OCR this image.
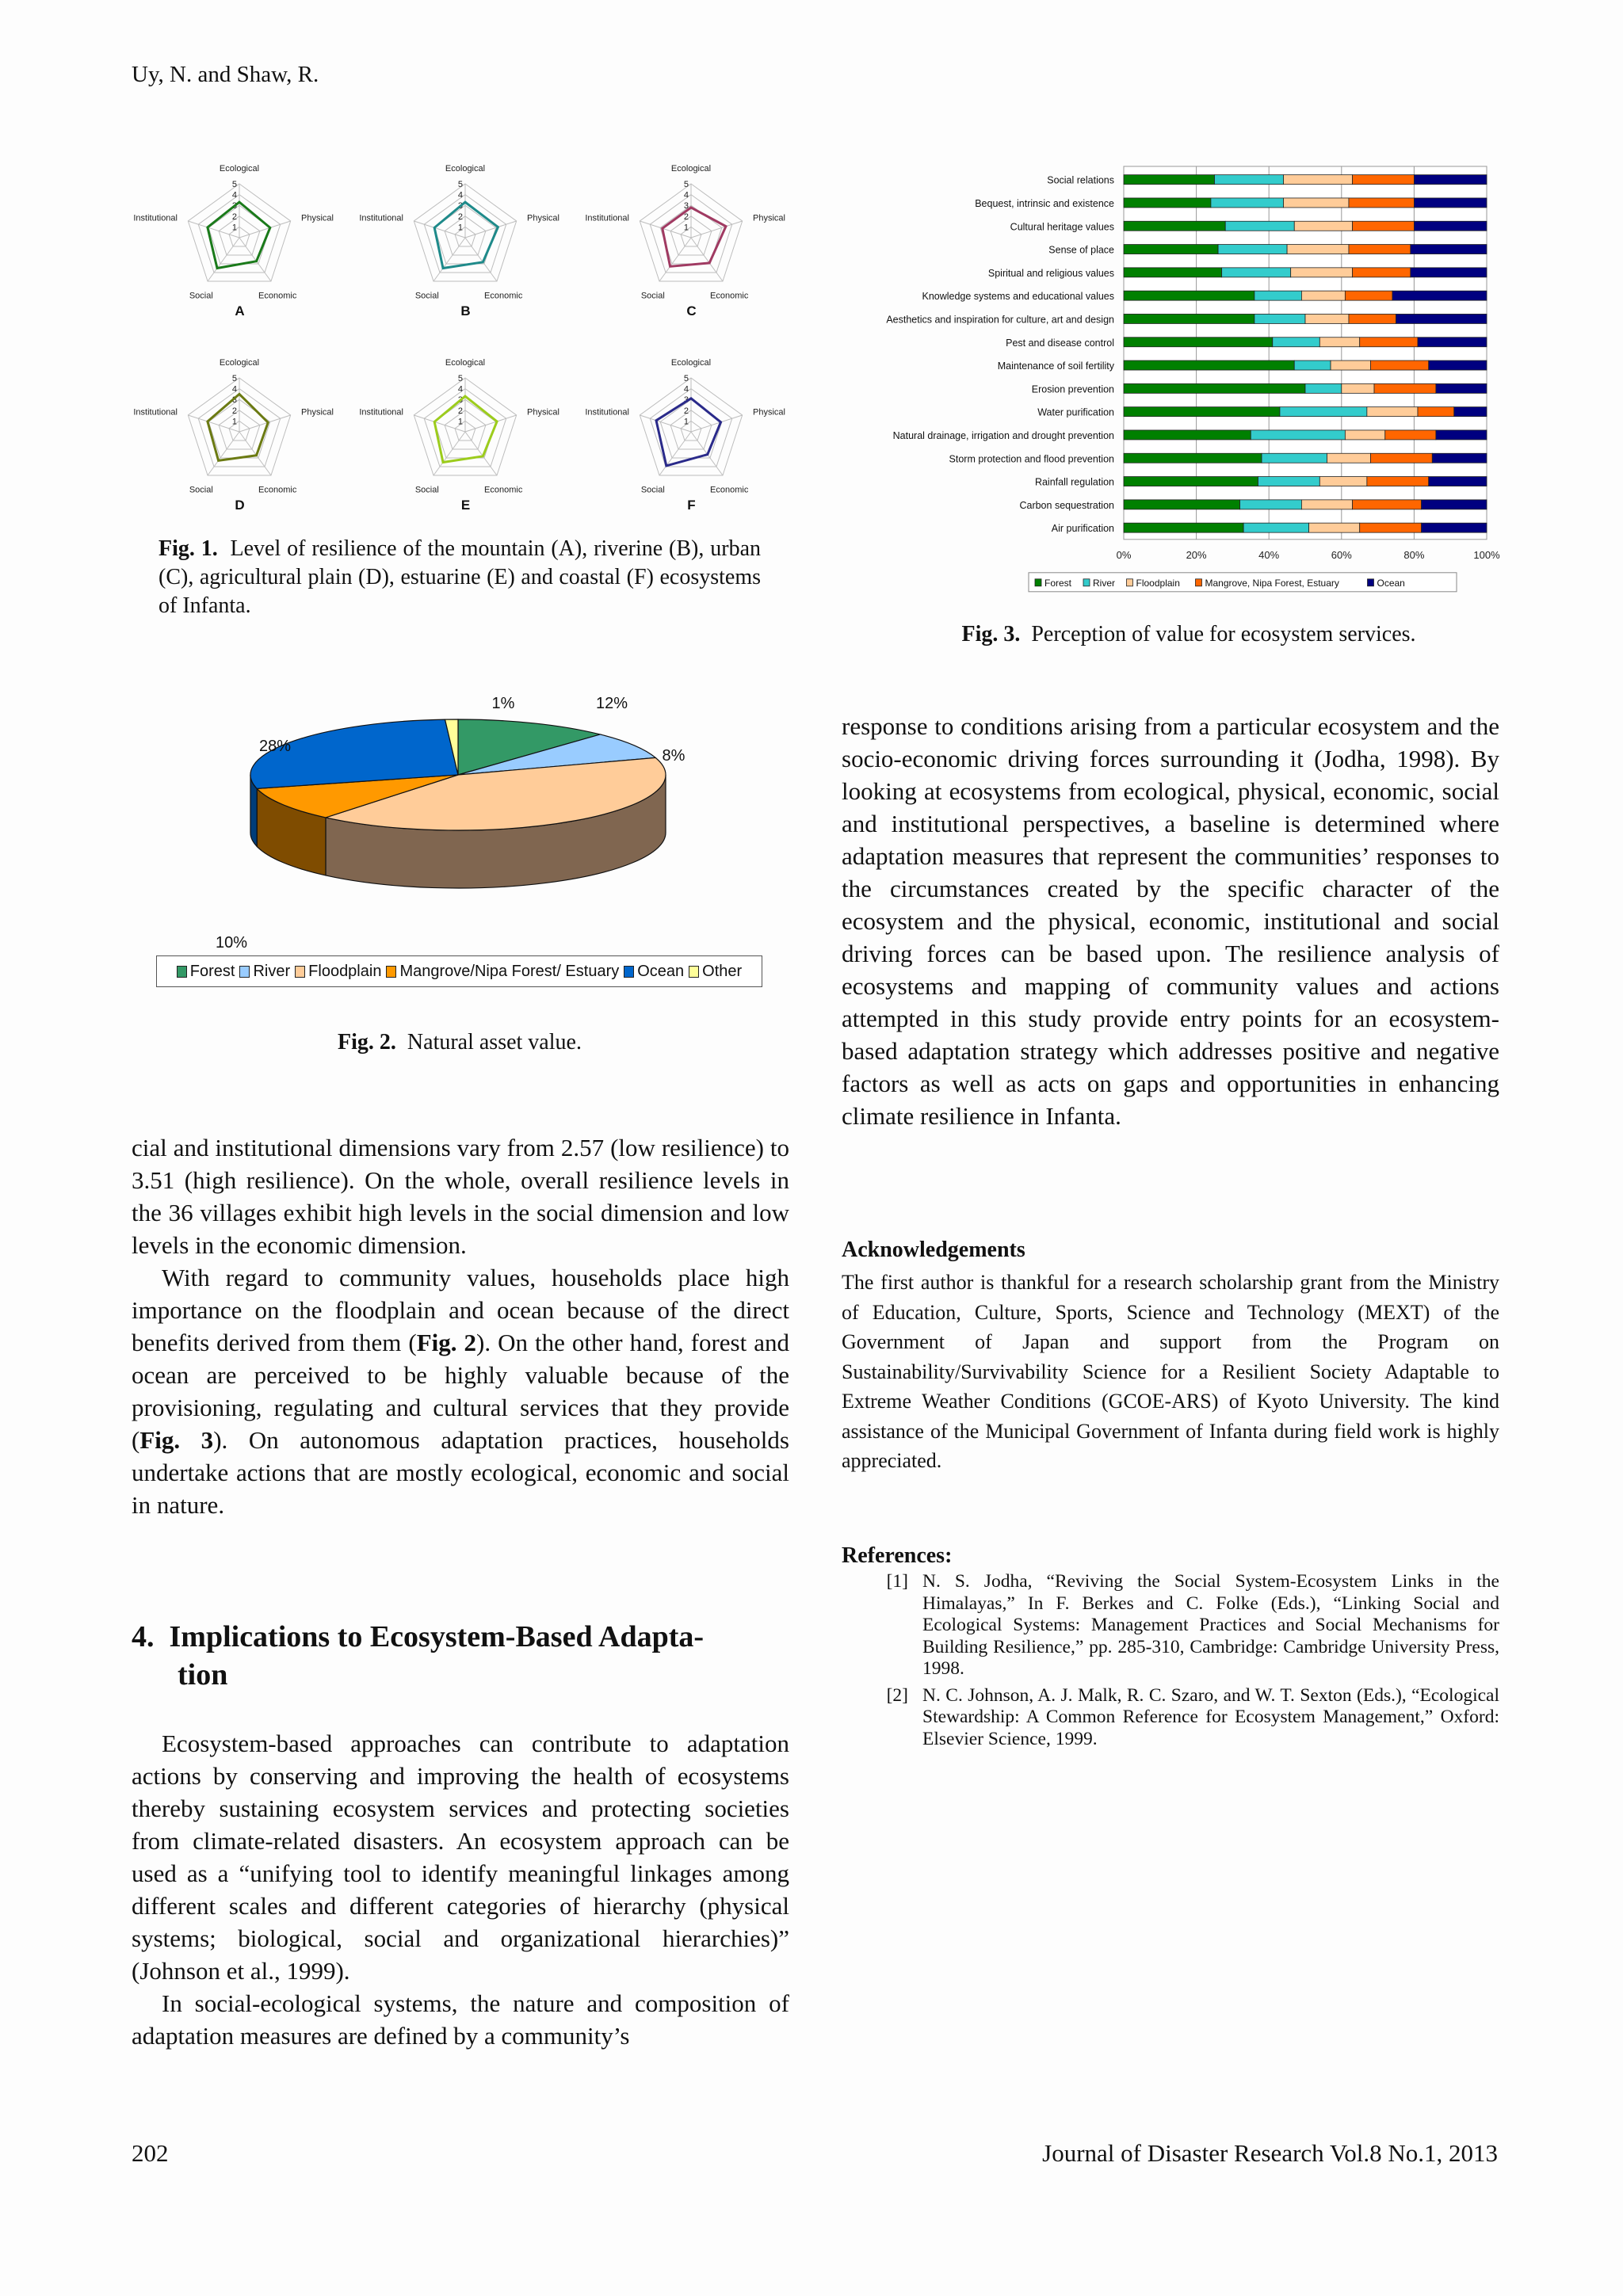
Uy, N. and Shaw, R.
Ecological
Physical
Economic
Social
Institutional
1
2
3
4
5
A
Ecological
Physical
Economic
Social
Institutional
1
2
3
4
5
B
Ecological
Physical
Economic
Social
Institutional
1
2
3
4
5
C
Ecological
Physical
Economic
Social
Institutional
1
2
3
4
5
D
Ecological
Physical
Economic
Social
Institutional
1
2
3
4
5
E
Ecological
Physical
Economic
Social
Institutional
1
2
3
4
5
F
Fig. 1. Level of resilience of the mountain (A), riverine (B), urban (C), agricultural plain (D), estuarine (E) and coastal (F) ecosystems of Infanta.
0%	20%	40%	60%	80%	100%
Social relations
Bequest, intrinsic and existence
Cultural heritage values
Sense of place
Spiritual and religious values
Knowledge systems and educational values
Aesthetics and inspiration for culture, art and design
Pest and disease control
Maintenance of soil fertility
Erosion prevention
Water purification
Natural drainage, irrigation and drought prevention
Storm protection and flood prevention
Rainfall regulation
Carbon sequestration
Air purification
Forest River Floodplain	Mangrove, Nipa Forest, Estuary	Ocean
Fig. 3. Perception of value for ecosystem services.
12%
8%
10%
28%
1%
Forest River Floodplain Mangrove/Nipa Forest/ Estuary Ocean Other
Fig. 2. Natural asset value.

cial and institutional dimensions vary from 2.57 (low resilience) to 3.51 (high resilience). On the whole, overall resilience levels in the 36 villages exhibit high levels in the social dimension and low levels in the economic dimension.

With regard to community values, households place high importance on the floodplain and ocean because of the direct benefits derived from them (Fig. 2). On the other hand, forest and ocean are perceived to be highly valuable because of the provisioning, regulating and cultural services that they provide (Fig. 3). On autonomous adaptation practices, households undertake actions that are mostly ecological, economic and social in nature.

4. Implications to Ecosystem-Based Adapta-
tion

Ecosystem-based approaches can contribute to adaptation actions by conserving and improving the health of ecosystems thereby sustaining ecosystem services and protecting societies from climate-related disasters. An ecosystem approach can be used as a “unifying tool to identify meaningful linkages among different scales and different categories of hierarchy (physical systems; biological, social and organizational hierarchies)” (Johnson et al., 1999).

In social-ecological systems, the nature and composition of adaptation measures are defined by a community’s

response to conditions arising from a particular ecosystem and the socio-economic driving forces surrounding it (Jodha, 1998). By looking at ecosystems from ecological, physical, economic, social and institutional perspectives, a baseline is determined where adaptation measures that represent the communities’ responses to the circumstances created by the specific character of the ecosystem and the physical, economic, institutional and social driving forces can be based upon. The resilience analysis of ecosystems and mapping of community values and actions attempted in this study provide entry points for an ecosystem-based adaptation strategy which addresses positive and negative factors as well as acts on gaps and opportunities in enhancing climate resilience in Infanta.

Acknowledgements
The first author is thankful for a research scholarship grant from the Ministry of Education, Culture, Sports, Science and Technology (MEXT) of the Government of Japan and support from the Program on Sustainability/Survivability Science for a Resilient Society Adaptable to Extreme Weather Conditions (GCOE-ARS) of Kyoto University. The kind assistance of the Municipal Government of Infanta during field work is highly appreciated.
References:
[1] N. S. Jodha, “Reviving the Social System-Ecosystem Links in the Himalayas,” In F. Berkes and C. Folke (Eds.), “Linking Social and Ecological Systems: Management Practices and Social Mechanisms for Building Resilience,” pp. 285-310, Cambridge: Cambridge University Press, 1998.
[2] N. C. Johnson, A. J. Malk, R. C. Szaro, and W. T. Sexton (Eds.), “Ecological Stewardship: A Common Reference for Ecosystem Management,” Oxford: Elsevier Science, 1999.
202	Journal of Disaster Research Vol.8 No.1, 2013
